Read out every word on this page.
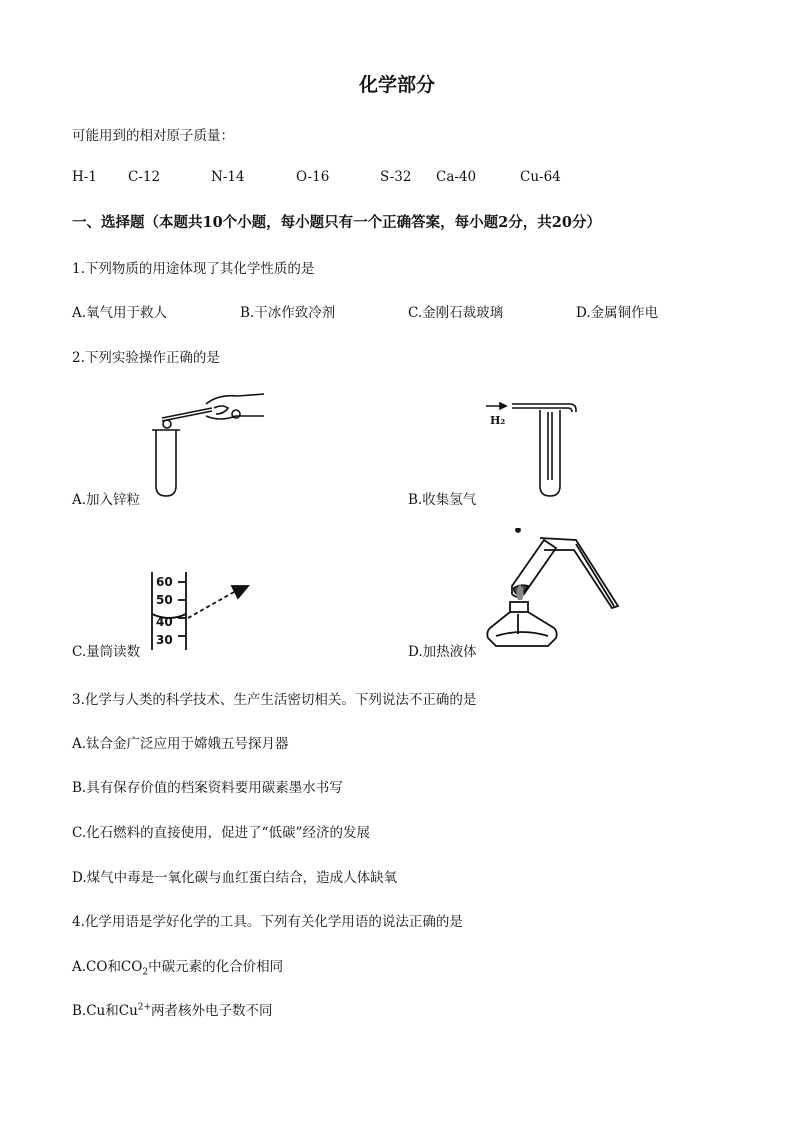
化学部分
可能用到的相对原子质量：
H-1 C-12	N-14	O-16	S-32 Ca-40	Cu-64
一、选择题（本题共10个小题，每小题只有一个正确答案，每小题2分，共20分）
1.下列物质的用途体现了其化学性质的是
A.氧气用于救人	B.干冰作致冷剂	C.金刚石裁玻璃	D.金属铜作电
2.下列实验操作正确的是
A.加入锌粒
H₂
B.收集氢气
60
50
40
30
C.量筒读数	D.加热液体
3.化学与人类的科学技术、生产生活密切相关。下列说法不正确的是
A.钛合金广泛应用于嫦娥五号探月器
B.具有保存价值的档案资料要用碳素墨水书写
C.化石燃料的直接使用，促进了“低碳”经济的发展
D.煤气中毒是一氧化碳与血红蛋白结合，造成人体缺氧
4.化学用语是学好化学的工具。下列有关化学用语的说法正确的是
A.CO和$CO_2$中碳元素的化合价相同
B.Cu和$Cu^{2+}$两者核外电子数不同
